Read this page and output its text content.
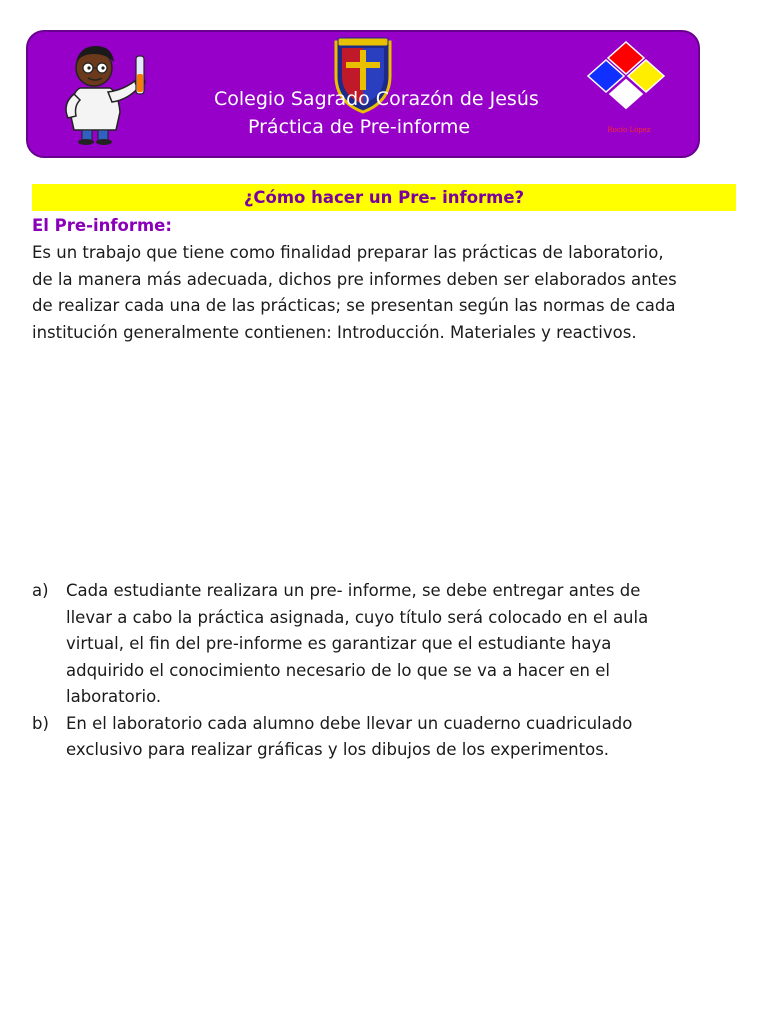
Colegio Sagrado Corazón de Jesús
Práctica de Pre-informe	Rocío López
¿Cómo hacer un Pre- informe?
El Pre-informe:

Es un trabajo que tiene como finalidad preparar las prácticas de laboratorio,
de la manera más adecuada, dichos pre informes deben ser elaborados antes
de realizar cada una de las prácticas; se presentan según las normas de cada
institución generalmente contienen: Introducción. Materiales y reactivos.

a) Cada estudiante realizara un pre- informe, se debe entregar antes de
llevar a cabo la práctica asignada, cuyo título será colocado en el aula
virtual, el fin del pre-informe es garantizar que el estudiante haya
adquirido el conocimiento necesario de lo que se va a hacer en el
laboratorio.
b) En el laboratorio cada alumno debe llevar un cuaderno cuadriculado
exclusivo para realizar gráficas y los dibujos de los experimentos.
